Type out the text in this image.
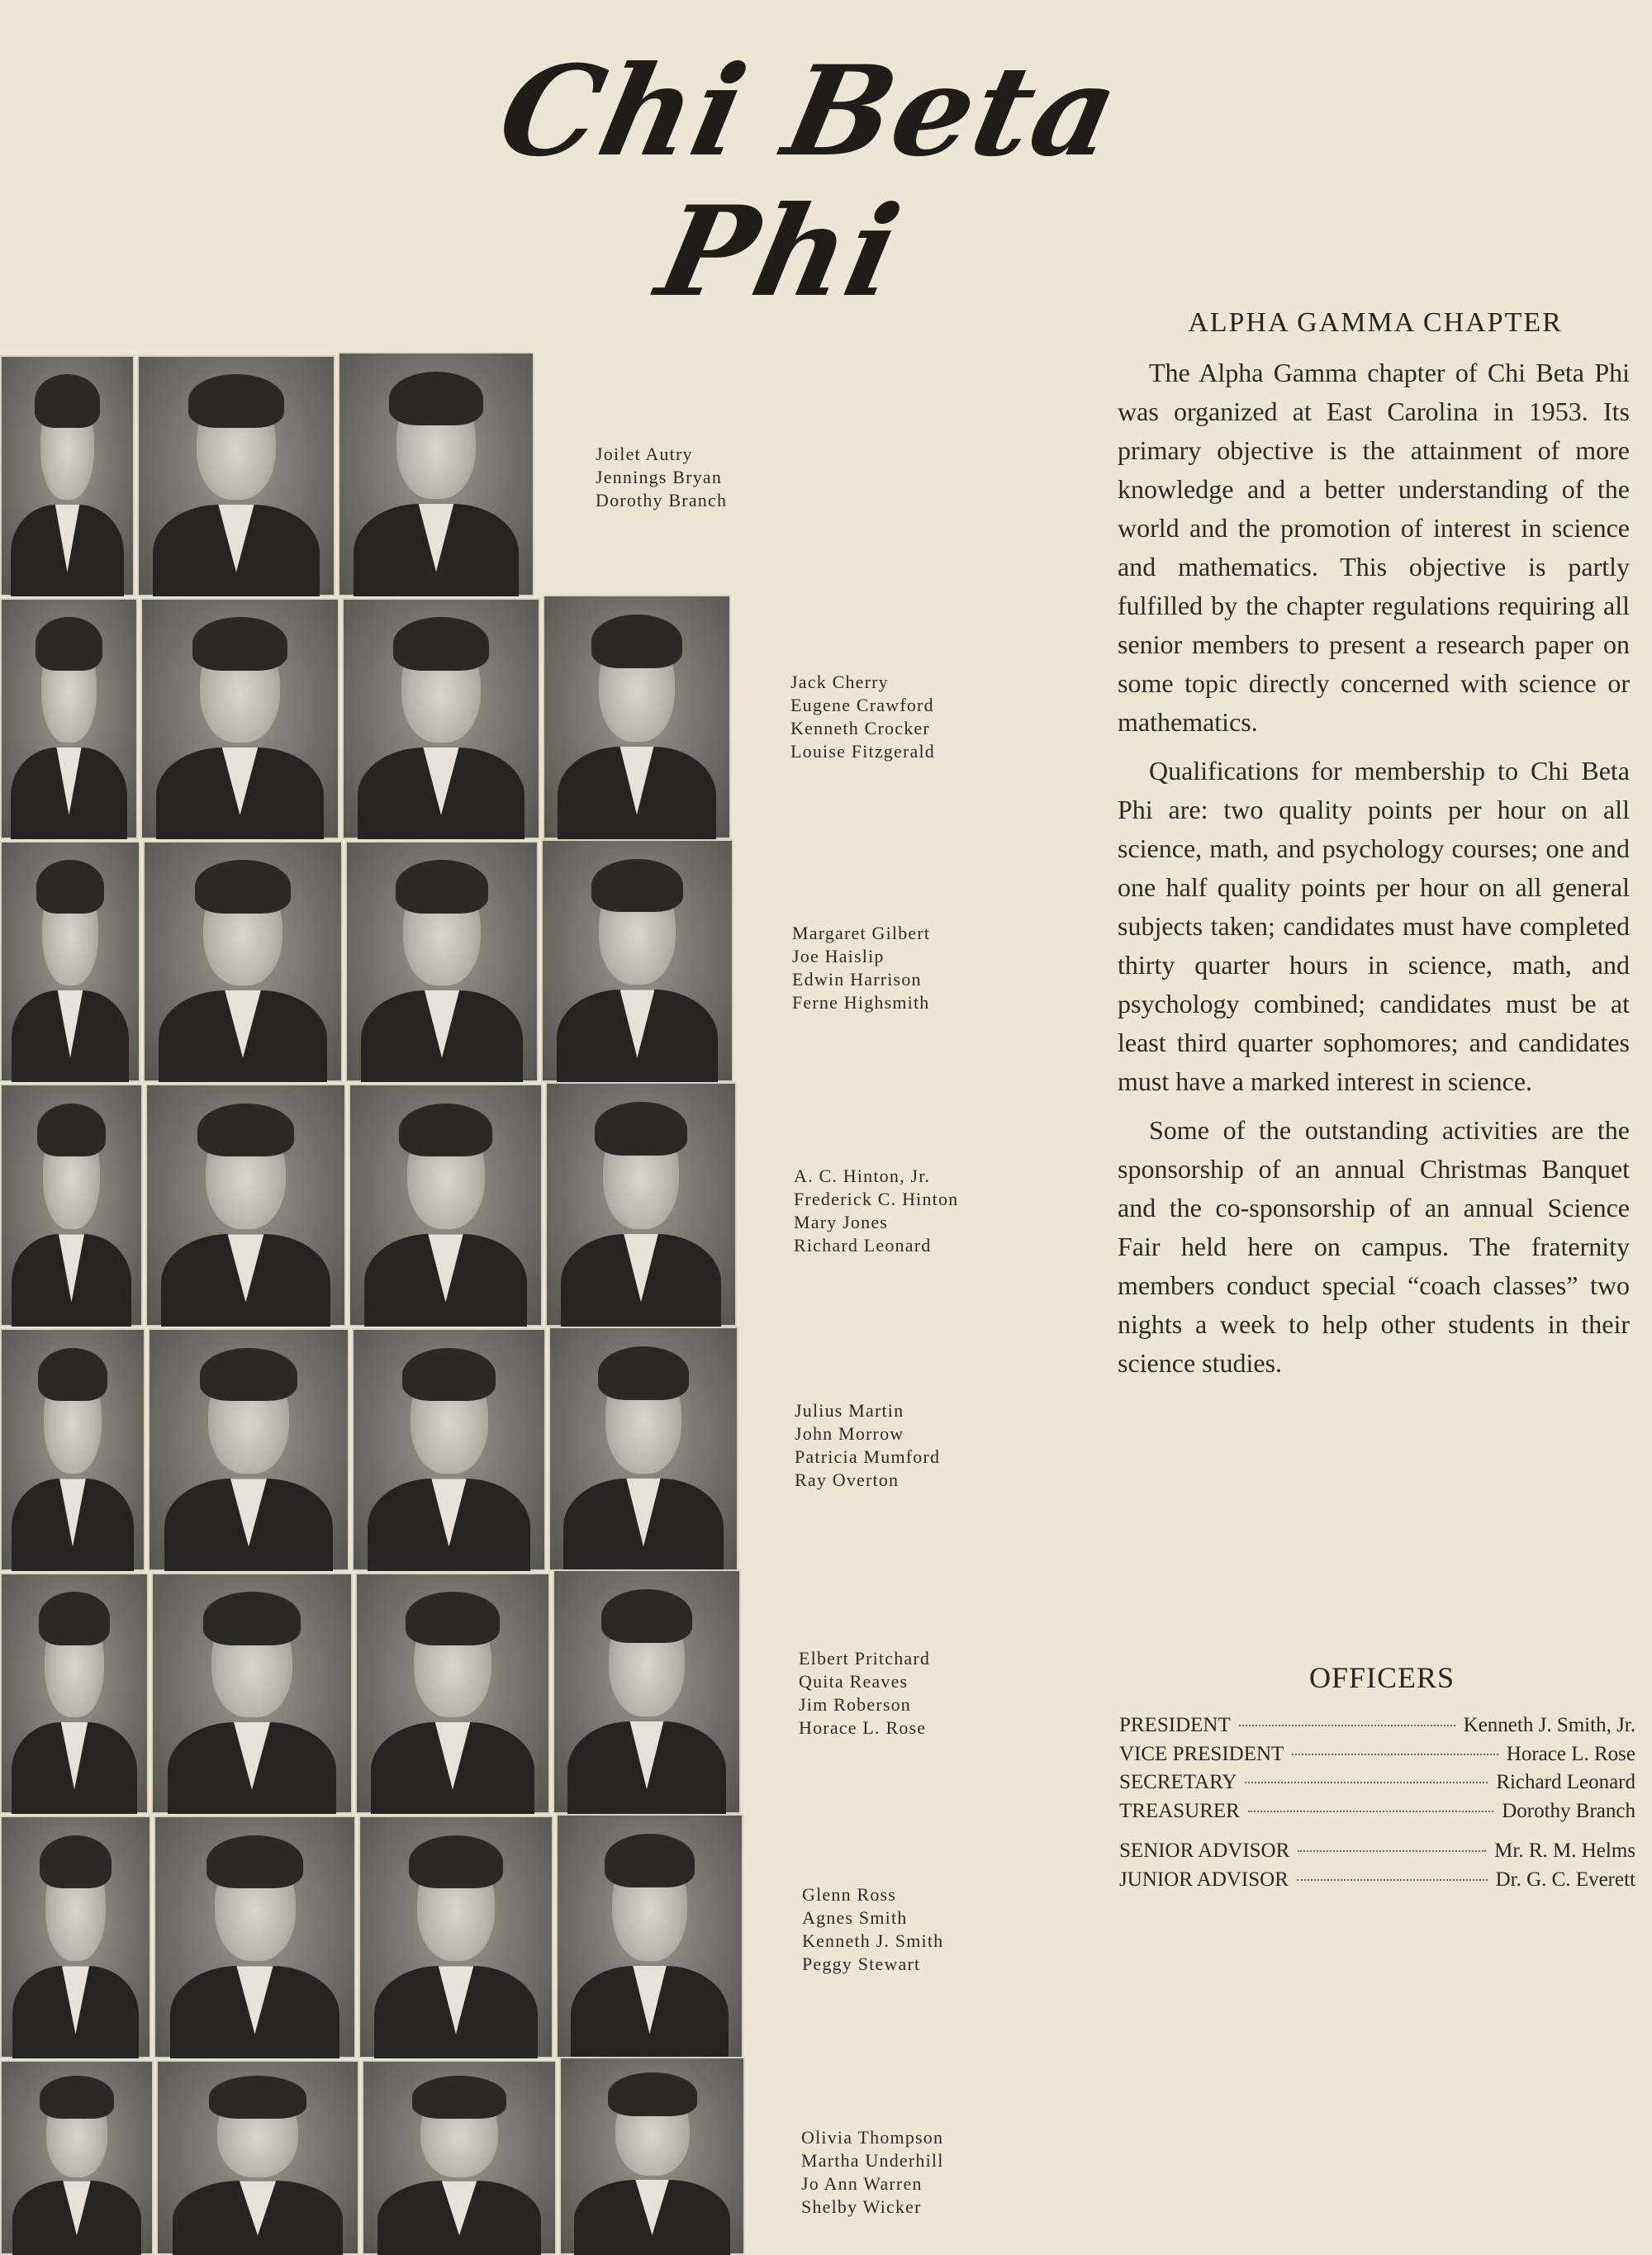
Chi Beta Phi
Joilet Autry
Jennings Bryan
Dorothy Branch
Jack Cherry
Eugene Crawford
Kenneth Crocker
Louise Fitzgerald
Margaret Gilbert
Joe Haislip
Edwin Harrison
Ferne Highsmith
A. C. Hinton, Jr.
Frederick C. Hinton
Mary Jones
Richard Leonard
Julius Martin
John Morrow
Patricia Mumford
Ray Overton
Elbert Pritchard
Quita Reaves
Jim Roberson
Horace L. Rose
Glenn Ross
Agnes Smith
Kenneth J. Smith
Peggy Stewart
Olivia Thompson
Martha Underhill
Jo Ann Warren
Shelby Wicker
ALPHA GAMMA CHAPTER

The Alpha Gamma chapter of Chi Beta Phi was organized at East Carolina in 1953. Its primary objective is the attainment of more knowledge and a better understanding of the world and the promotion of interest in science and mathematics. This objective is partly fulfilled by the chapter regulations requiring all senior members to present a research paper on some topic directly concerned with science or mathematics.

Qualifications for membership to Chi Beta Phi are: two quality points per hour on all science, math, and psychology courses; one and one half quality points per hour on all general subjects taken; candidates must have completed thirty quarter hours in science, math, and psychology combined; candidates must be at least third quarter sophomores; and candidates must have a marked interest in science.

Some of the outstanding activities are the sponsorship of an annual Christmas Banquet and the co-sponsorship of an annual Science Fair held here on campus. The fraternity members conduct special “coach classes” two nights a week to help other students in their science studies.

OFFICERS
PRESIDENT	Kenneth J. Smith, Jr.
VICE PRESIDENT	Horace L. Rose
SECRETARY	Richard Leonard
TREASURER	Dorothy Branch
SENIOR ADVISOR	Mr. R. M. Helms
JUNIOR ADVISOR	Dr. G. C. Everett
